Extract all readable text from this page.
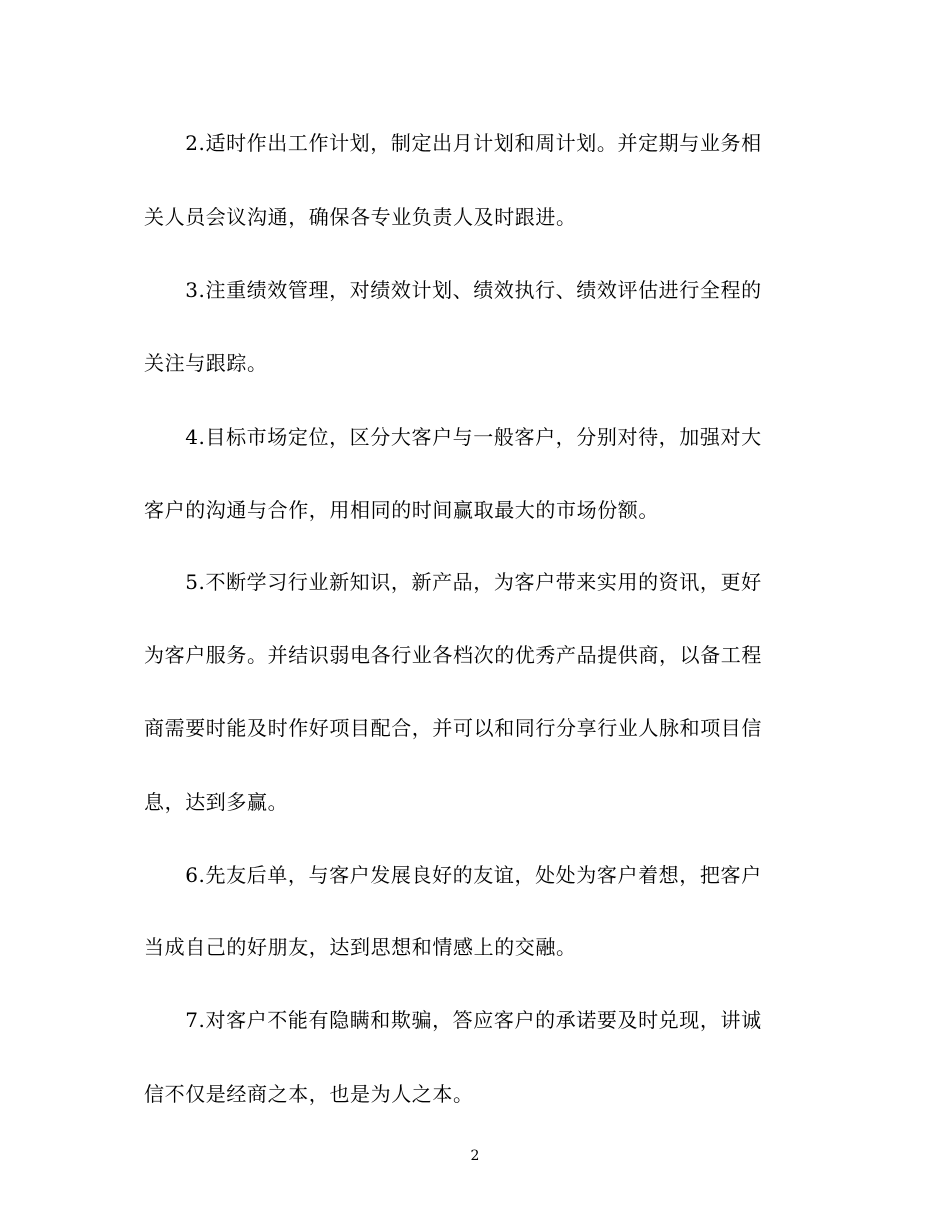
　　2.适时作出工作计划，制定出月计划和周计划。并定期与业务相
关人员会议沟通，确保各专业负责人及时跟进。
　　3.注重绩效管理，对绩效计划、绩效执行、绩效评估进行全程的
关注与跟踪。
　　4.目标市场定位，区分大客户与一般客户，分别对待，加强对大
客户的沟通与合作，用相同的时间赢取最大的市场份额。
　　5.不断学习行业新知识，新产品，为客户带来实用的资讯，更好
为客户服务。并结识弱电各行业各档次的优秀产品提供商，以备工程
商需要时能及时作好项目配合，并可以和同行分享行业人脉和项目信
息，达到多赢。
　　6.先友后单，与客户发展良好的友谊，处处为客户着想，把客户
当成自己的好朋友，达到思想和情感上的交融。
　　7.对客户不能有隐瞒和欺骗，答应客户的承诺要及时兑现，讲诚
信不仅是经商之本，也是为人之本。
2
